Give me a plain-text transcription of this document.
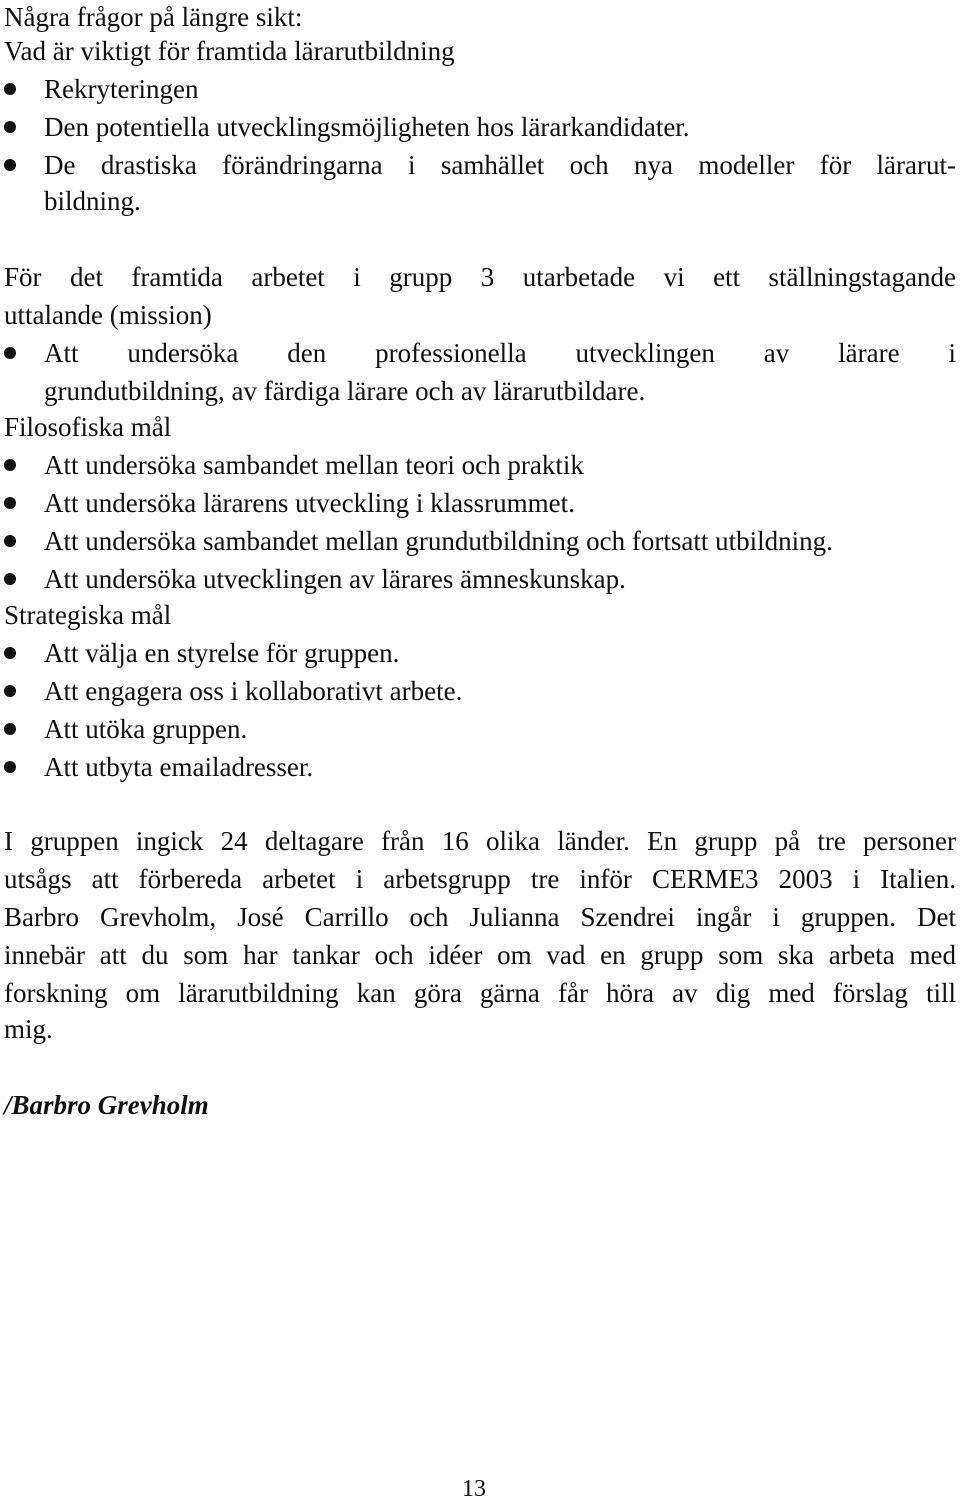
Några frågor på längre sikt:
Vad är viktigt för framtida lärarutbildning
Rekryteringen
Den potentiella utvecklingsmöjligheten hos lärarkandidater.
De drastiska förändringarna i samhället och nya modeller för lärarut-
bildning.
För det framtida arbetet i grupp 3 utarbetade vi ett ställningstagande
uttalande (mission)
Att undersöka den professionella utvecklingen av lärare i
grundutbildning, av färdiga lärare och av lärarutbildare.
Filosofiska mål
Att undersöka sambandet mellan teori och praktik
Att undersöka lärarens utveckling i klassrummet.
Att undersöka sambandet mellan grundutbildning och fortsatt utbildning.
Att undersöka utvecklingen av lärares ämneskunskap.
Strategiska mål
Att välja en styrelse för gruppen.
Att engagera oss i kollaborativt arbete.
Att utöka gruppen.
Att utbyta emailadresser.
I gruppen ingick 24 deltagare från 16 olika länder. En grupp på tre personer
utsågs att förbereda arbetet i arbetsgrupp tre inför CERME3 2003 i Italien.
Barbro Grevholm, José Carrillo och Julianna Szendrei ingår i gruppen. Det
innebär att du som har tankar och idéer om vad en grupp som ska arbeta med
forskning om lärarutbildning kan göra gärna får höra av dig med förslag till
mig.
/Barbro Grevholm
13
